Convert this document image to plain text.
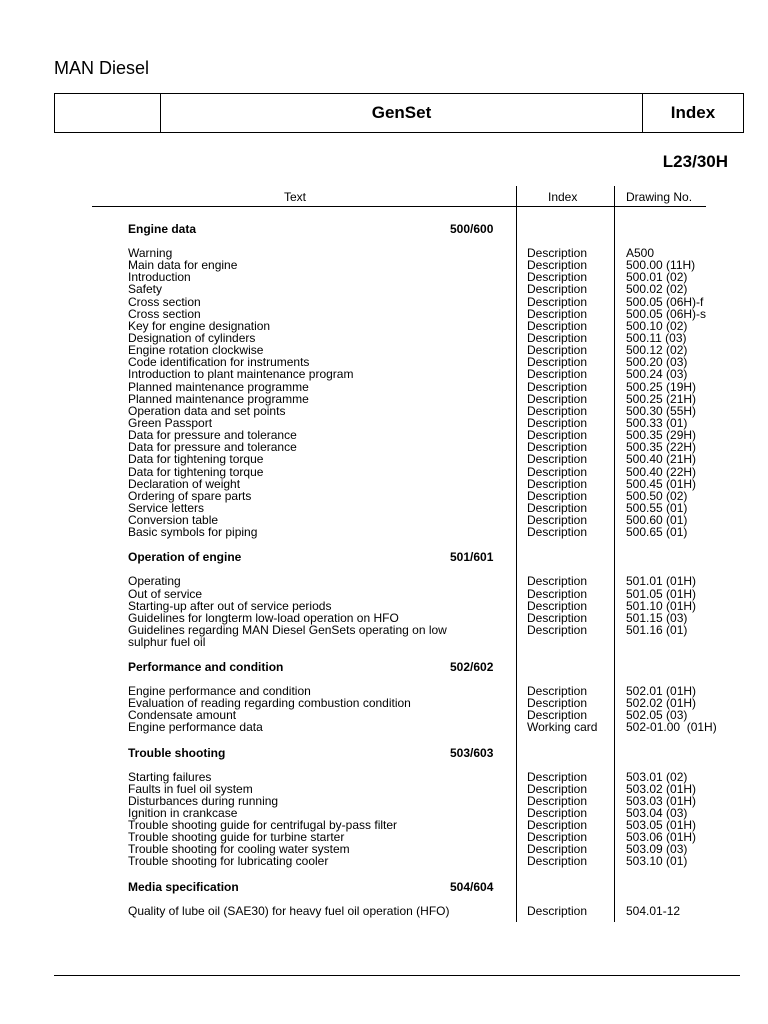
MAN Diesel
GenSet	Index
L23/30H
Text	Index	Drawing No.
Engine data	500/600
Warning	Description	A500
Main data for engine	Description	500.00 (11H)
Introduction	Description	500.01 (02)
Safety	Description	500.02 (02)
Cross section	Description	500.05 (06H)-f
Cross section	Description	500.05 (06H)-s
Key for engine designation	Description	500.10 (02)
Designation of cylinders	Description	500.11 (03)
Engine rotation clockwise	Description	500.12 (02)
Code identification for instruments	Description	500.20 (03)
Introduction to plant maintenance program	Description	500.24 (03)
Planned maintenance programme	Description	500.25 (19H)
Planned maintenance programme	Description	500.25 (21H)
Operation data and set points	Description	500.30 (55H)
Green Passport	Description	500.33 (01)
Data for pressure and tolerance	Description	500.35 (29H)
Data for pressure and tolerance	Description	500.35 (22H)
Data for tightening torque	Description	500.40 (21H)
Data for tightening torque	Description	500.40 (22H)
Declaration of weight	Description	500.45 (01H)
Ordering of spare parts	Description	500.50 (02)
Service letters	Description	500.55 (01)
Conversion table	Description	500.60 (01)
Basic symbols for piping	Description	500.65 (01)
Operation of engine	501/601
Operating	Description	501.01 (01H)
Out of service	Description	501.05 (01H)
Starting-up after out of service periods	Description	501.10 (01H)
Guidelines for longterm low-load operation on HFO	Description	501.15 (03)
Guidelines regarding MAN Diesel GenSets operating on low sulphur fuel oil
Description	501.16 (01)
Performance and condition	502/602
Engine performance and condition	Description	502.01 (01H)
Evaluation of reading regarding combustion condition	Description	502.02 (01H)
Condensate amount	Description	502.05 (03)
Engine performance data	Working card 502-01.00  (01H)
Trouble shooting	503/603
Starting failures	Description	503.01 (02)
Faults in fuel oil system	Description	503.02 (01H)
Disturbances during running	Description	503.03 (01H)
Ignition in crankcase	Description	503.04 (03)
Trouble shooting guide for centrifugal by-pass filter	Description	503.05 (01H)
Trouble shooting guide for turbine starter	Description	503.06 (01H)
Trouble shooting for cooling water system	Description	503.09 (03)
Trouble shooting for lubricating cooler	Description	503.10 (01)
Media specification	504/604
Quality of lube oil (SAE30) for heavy fuel oil operation (HFO)	Description	504.01-12
